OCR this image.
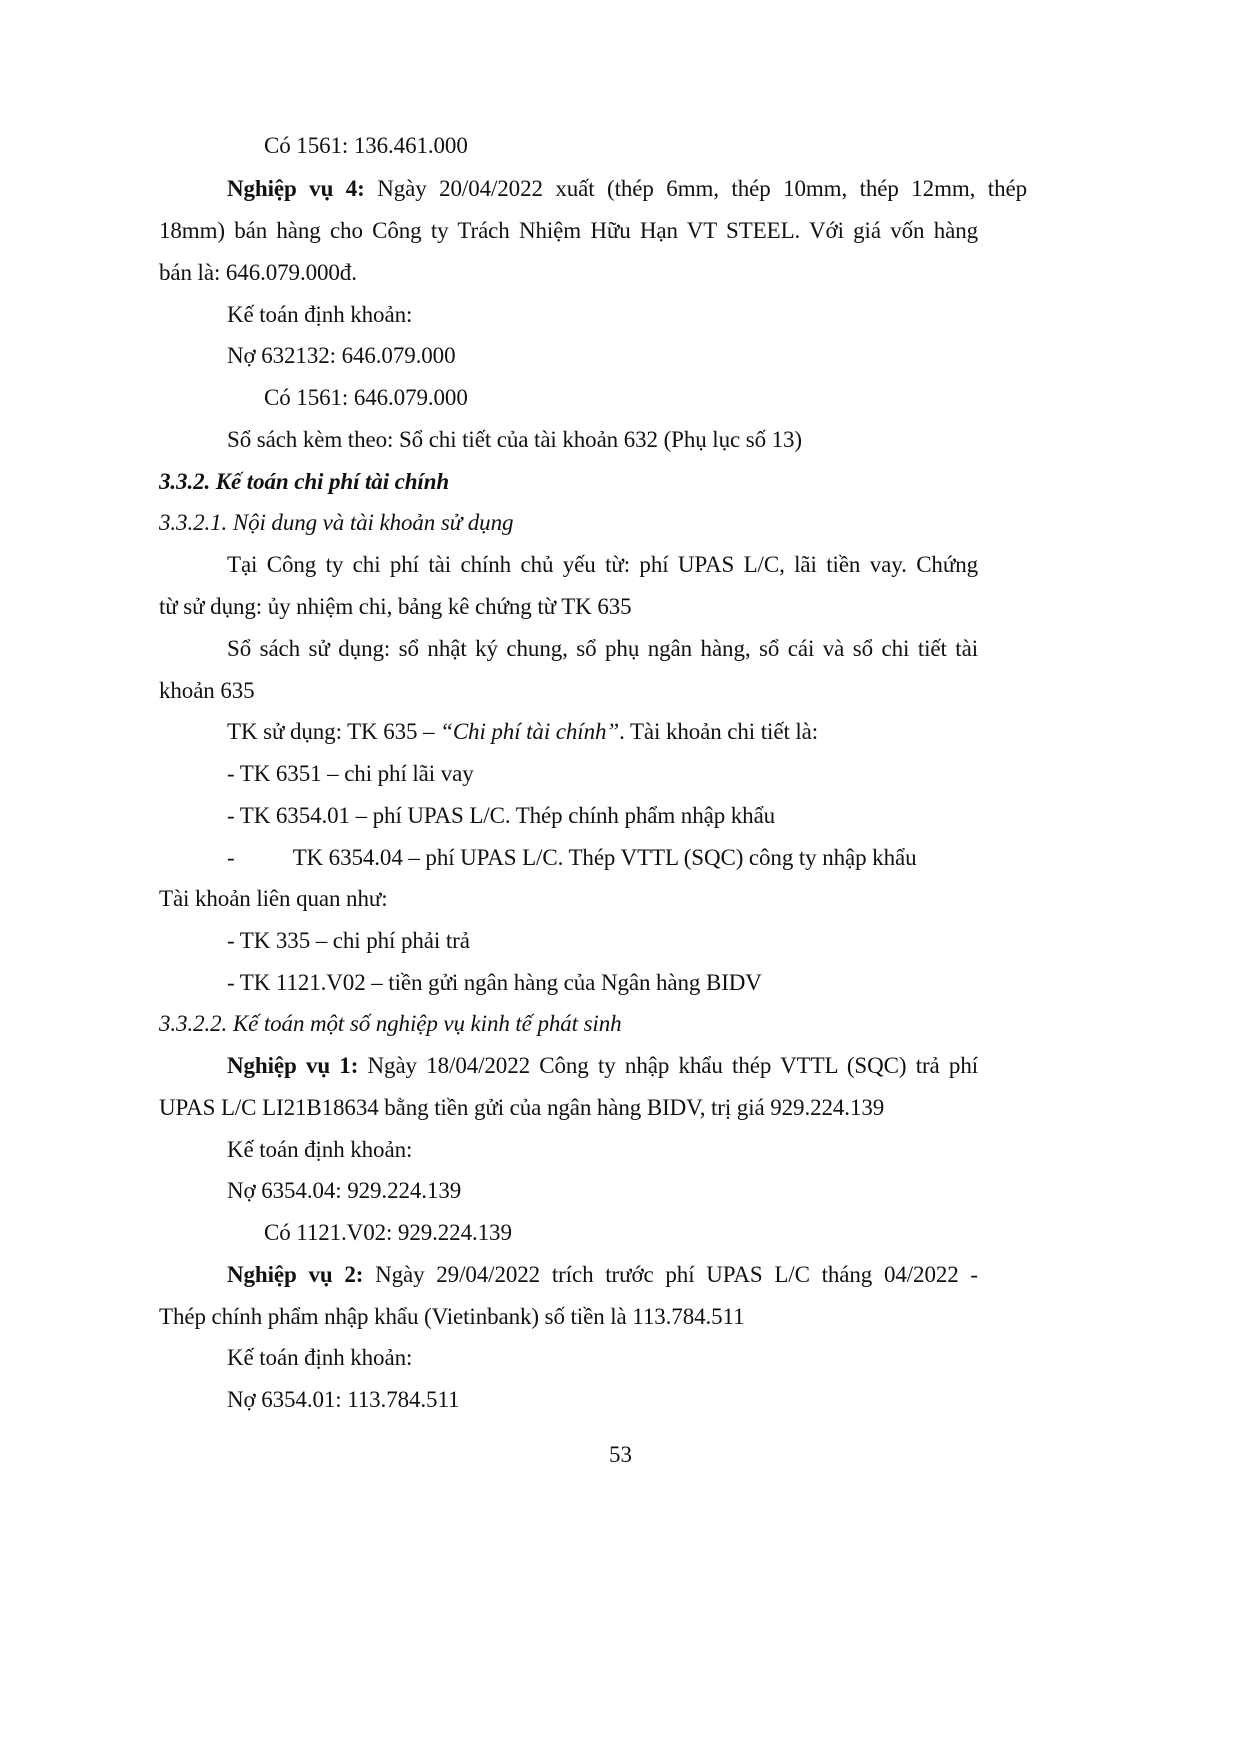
Có 1561: 136.461.000
Nghiệp vụ 4: Ngày 20/04/2022 xuất (thép 6mm, thép 10mm, thép 12mm, thép
18mm) bán hàng cho Công ty Trách Nhiệm Hữu Hạn VT STEEL. Với giá vốn hàng
bán là: 646.079.000đ.
Kế toán định khoản:
Nợ 632132: 646.079.000
Có 1561: 646.079.000
Sổ sách kèm theo: Sổ chi tiết của tài khoản 632 (Phụ lục số 13)
3.3.2. Kế toán chi phí tài chính
3.3.2.1. Nội dung và tài khoản sử dụng
Tại Công ty chi phí tài chính chủ yếu từ: phí UPAS L/C, lãi tiền vay. Chứng
từ sử dụng: ủy nhiệm chi, bảng kê chứng từ TK 635
Sổ sách sử dụng: sổ nhật ký chung, sổ phụ ngân hàng, sổ cái và sổ chi tiết tài
khoản 635
TK sử dụng: TK 635 – “Chi phí tài chính”. Tài khoản chi tiết là:
- TK 6351 – chi phí lãi vay
- TK 6354.01 – phí UPAS L/C. Thép chính phẩm nhập khẩu
-	TK 6354.04 – phí UPAS L/C. Thép VTTL (SQC) công ty nhập khẩu
Tài khoản liên quan như:
- TK 335 – chi phí phải trả
- TK 1121.V02 – tiền gửi ngân hàng của Ngân hàng BIDV
3.3.2.2. Kế toán một số nghiệp vụ kinh tế phát sinh
Nghiệp vụ 1: Ngày 18/04/2022 Công ty nhập khẩu thép VTTL (SQC) trả phí
UPAS L/C LI21B18634 bằng tiền gửi của ngân hàng BIDV, trị giá 929.224.139
Kế toán định khoản:
Nợ 6354.04: 929.224.139
Có 1121.V02: 929.224.139
Nghiệp vụ 2: Ngày 29/04/2022 trích trước phí UPAS L/C tháng 04/2022 -
Thép chính phẩm nhập khẩu (Vietinbank) số tiền là 113.784.511
Kế toán định khoản:
Nợ 6354.01: 113.784.511
53
